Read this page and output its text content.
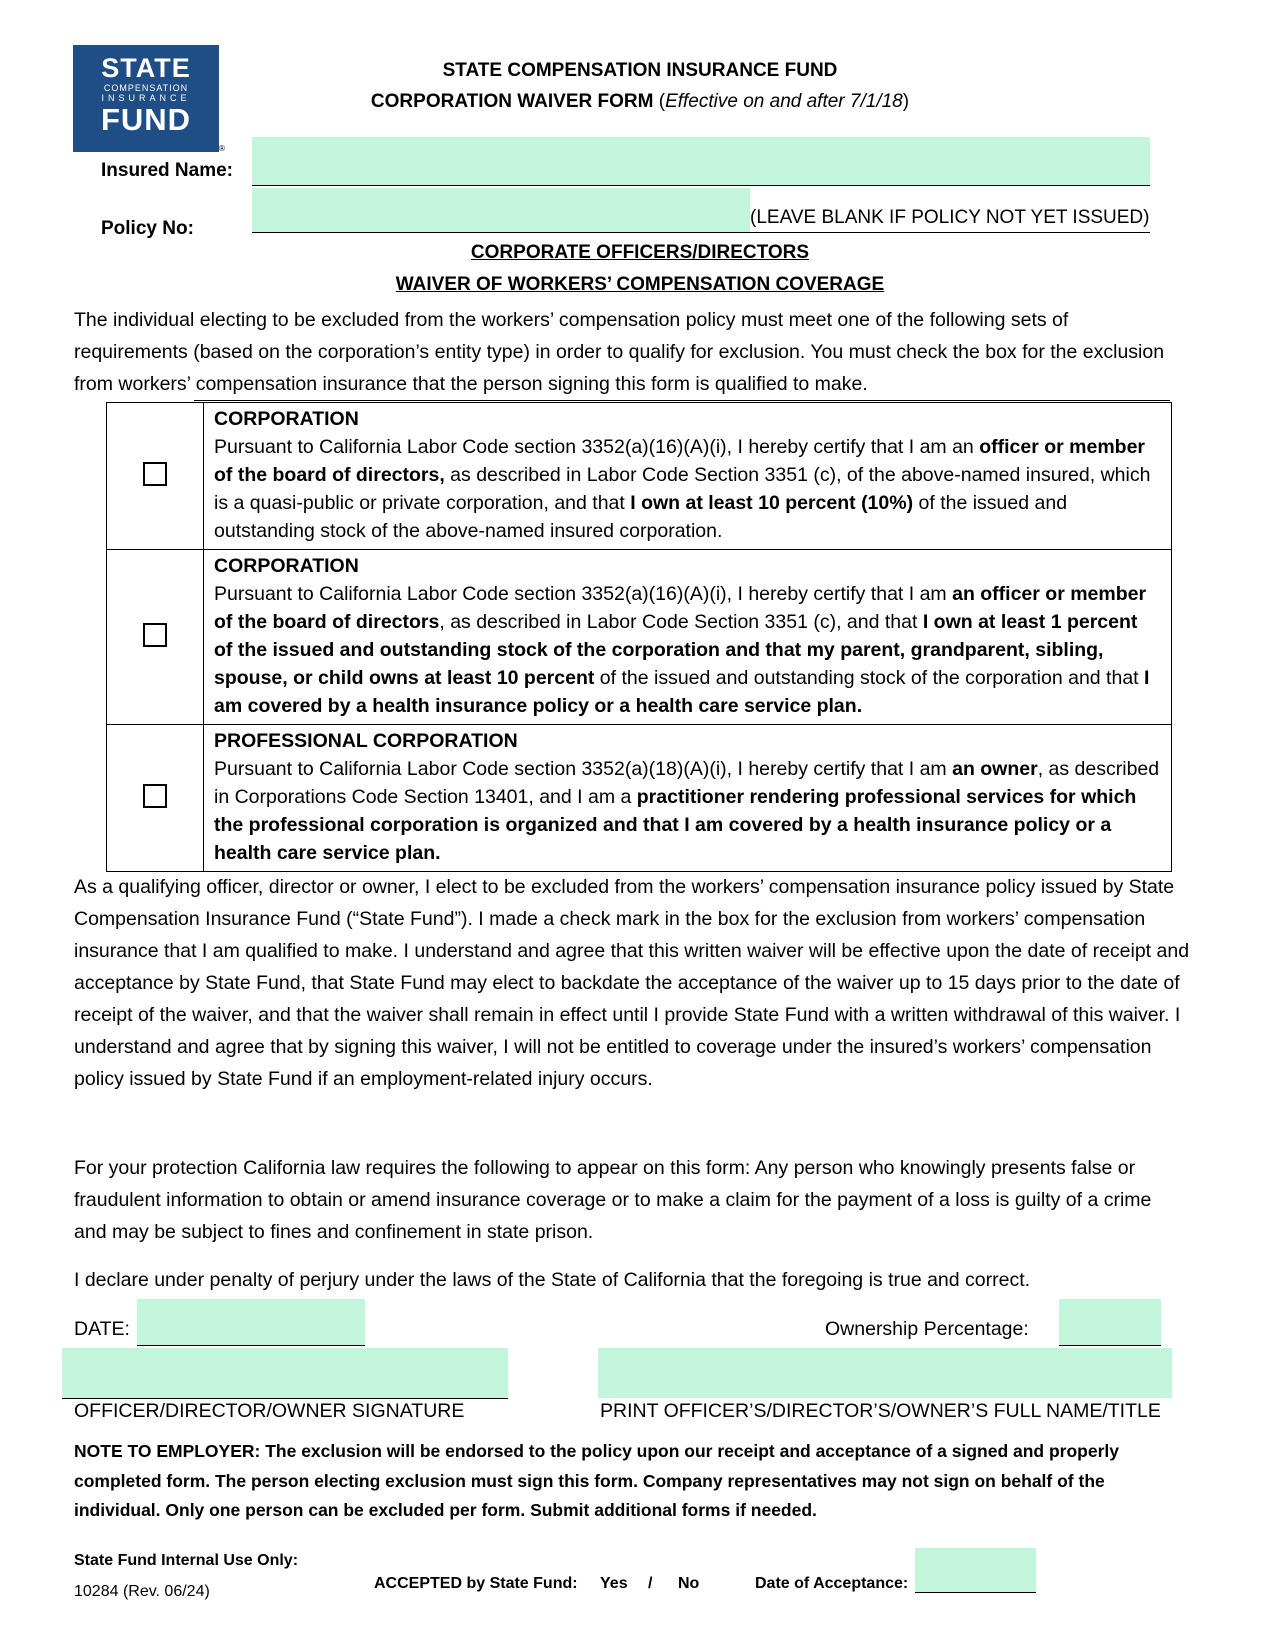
STATE
COMPENSATION
INSURANCE
FUND
®
STATE COMPENSATION INSURANCE FUND
CORPORATION WAIVER FORM (Effective on and after 7/1/18)
Insured Name:
Policy No:
(LEAVE BLANK IF POLICY NOT YET ISSUED)
CORPORATE OFFICERS/DIRECTORS
WAIVER OF WORKERS’ COMPENSATION COVERAGE
The individual electing to be excluded from the workers’ compensation policy must meet one of the following sets of requirements (based on the corporation’s entity type) in order to qualify for exclusion. You must check the box for the exclusion from workers’ compensation insurance that the person signing this form is qualified to make.

	CORPORATION
Pursuant to California Labor Code section 3352(a)(16)(A)(i), I hereby certify that I am an officer or member of the board of directors, as described in Labor Code Section 3351 (c), of the above-named insured, which is a quasi-public or private corporation, and that I own at least 10 percent (10%) of the issued and outstanding stock of the above-named insured corporation.

	CORPORATION
Pursuant to California Labor Code section 3352(a)(16)(A)(i), I hereby certify that I am an officer or member of the board of directors, as described in Labor Code Section 3351 (c), and that I own at least 1 percent of the issued and outstanding stock of the corporation and that my parent, grandparent, sibling, spouse, or child owns at least 10 percent of the issued and outstanding stock of the corporation and that I am covered by a health insurance policy or a health care service plan.

	PROFESSIONAL CORPORATION
Pursuant to California Labor Code section 3352(a)(18)(A)(i), I hereby certify that I am an owner, as described in Corporations Code Section 13401, and I am a practitioner rendering professional services for which the professional corporation is organized and that I am covered by a health insurance policy or a health care service plan.
As a qualifying officer, director or owner, I elect to be excluded from the workers’ compensation insurance policy issued by State Compensation Insurance Fund (“State Fund”). I made a check mark in the box for the exclusion from workers’ compensation insurance that I am qualified to make. I understand and agree that this written waiver will be effective upon the date of receipt and acceptance by State Fund, that State Fund may elect to backdate the acceptance of the waiver up to 15 days prior to the date of receipt of the waiver, and that the waiver shall remain in effect until I provide State Fund with a written withdrawal of this waiver. I understand and agree that by signing this waiver, I will not be entitled to coverage under the insured’s workers’ compensation policy issued by State Fund if an employment-related injury occurs.
For your protection California law requires the following to appear on this form: Any person who knowingly presents false or fraudulent information to obtain or amend insurance coverage or to make a claim for the payment of a loss is guilty of a crime and may be subject to fines and confinement in state prison.
I declare under penalty of perjury under the laws of the State of California that the foregoing is true and correct.
DATE:	Ownership Percentage:
OFFICER/DIRECTOR/OWNER SIGNATURE	PRINT OFFICER’S/DIRECTOR’S/OWNER’S FULL NAME/TITLE
NOTE TO EMPLOYER: The exclusion will be endorsed to the policy upon our receipt and acceptance of a signed and properly completed form. The person electing exclusion must sign this form. Company representatives may not sign on behalf of the individual. Only one person can be excluded per form. Submit additional forms if needed.
State Fund Internal Use Only:
ACCEPTED by State Fund: Yes / No	Date of Acceptance:
10284 (Rev. 06/24)
